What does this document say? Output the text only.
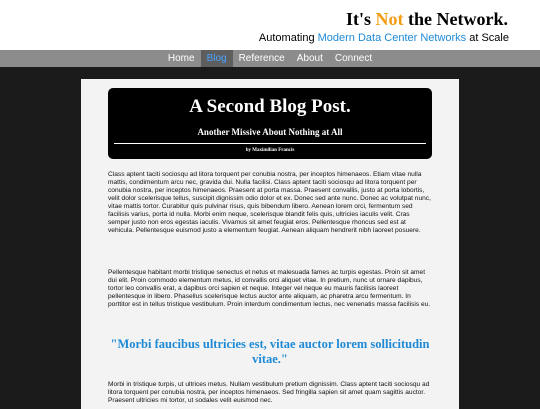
It's Not the Network.
Automating Modern Data Center Networks at Scale
Home	Blog	Reference	About	Connect
A Second Blog Post.
Another Missive About Nothing at All
by Maximilian Francis

Class aptent taciti sociosqu ad litora torquent per conubia nostra, per inceptos himenaeos. Etiam vitae nulla mattis, condimentum arcu nec, gravida dui. Nulla facilisi. Class aptent taciti sociosqu ad litora torquent per conubia nostra, per inceptos himenaeos. Praesent at porta massa. Praesent convallis, justo at porta lobortis, velit dolor scelerisque tellus, suscipit dignissim odio dolor et ex. Donec sed ante nunc. Donec ac volutpat nunc, vitae mattis tortor. Curabitur quis pulvinar risus, quis bibendum libero. Aenean lorem orci, fermentum sed facilisis varius, porta id nulla. Morbi enim neque, scelerisque blandit felis quis, ultricies iaculis velit. Cras semper justo non eros egestas iaculis. Vivamus sit amet feugiat eros. Pellentesque rhoncus sed est at vehicula. Pellentesque euismod justo a elementum feugiat. Aenean aliquam hendrerit nibh laoreet posuere.

Pellentesque habitant morbi tristique senectus et netus et malesuada fames ac turpis egestas. Proin sit amet dui elit. Proin commodo elementum metus, id convallis orci aliquet vitae. In pretium, nunc ut ornare dapibus, tortor leo convallis erat, a dapibus orci sapien et neque. Integer vel neque eu mauris facilisis laoreet pellentesque in libero. Phasellus scelerisque lectus auctor ante aliquam, ac pharetra arcu fermentum. In porttitor est in tellus tristique vestibulum. Proin interdum condimentum lectus, nec venenatis massa facilisis eu.

"Morbi faucibus ultricies est, vitae auctor lorem sollicitudin vitae."

Morbi in tristique turpis, ut ultrices metus. Nullam vestibulum pretium dignissim. Class aptent taciti sociosqu ad litora torquent per conubia nostra, per inceptos himenaeos. Sed fringilla sapien sit amet quam sagittis auctor. Praesent ultricies mi tortor, ut sodales velit euismod nec.
